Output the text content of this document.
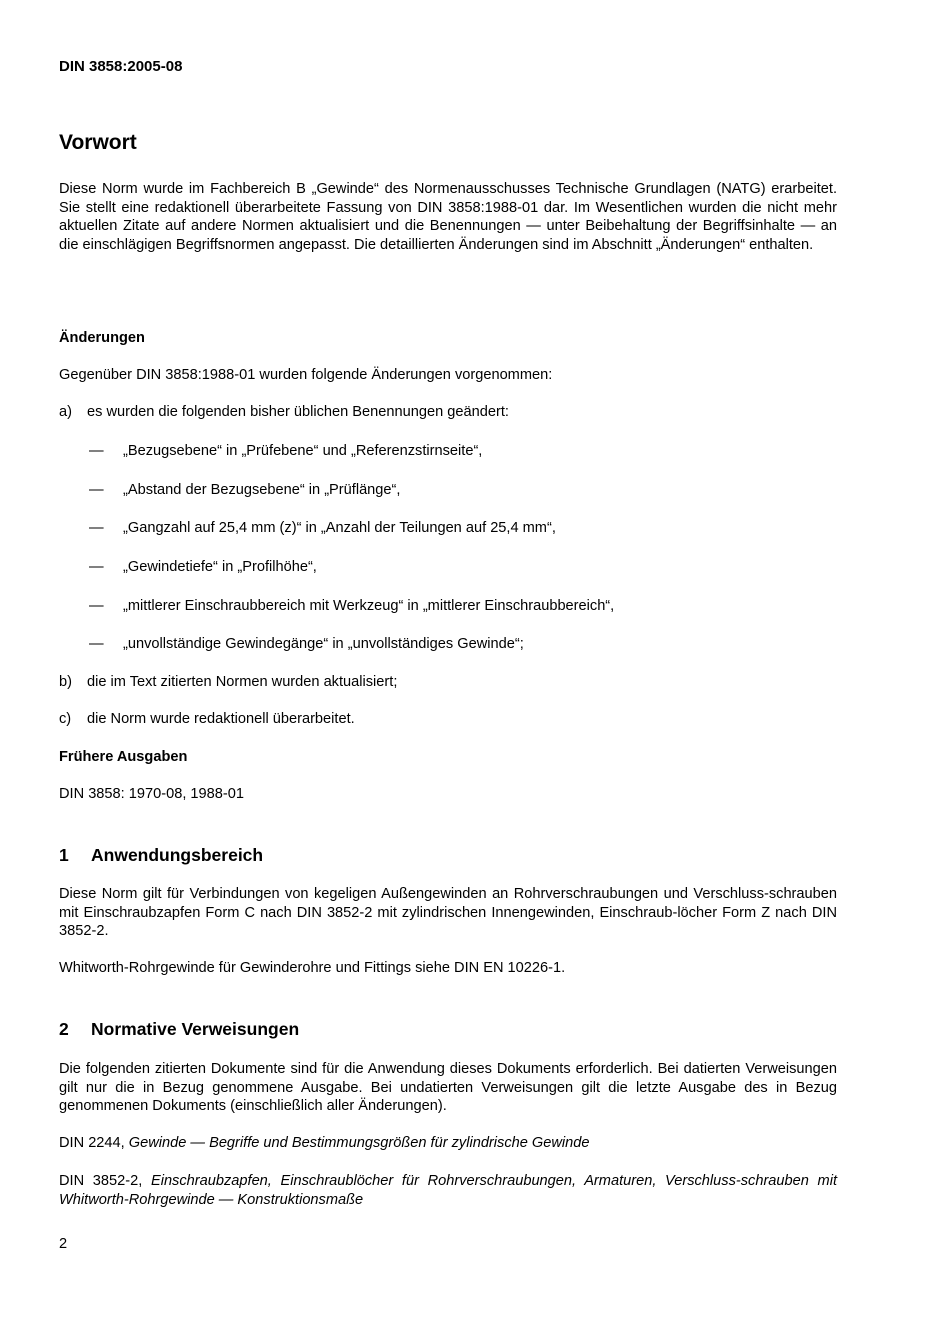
DIN 3858:2005-08
Vorwort

Diese Norm wurde im Fachbereich B „Gewinde“ des Normenausschusses Technische Grundlagen (NATG) erarbeitet. Sie stellt eine redaktionell überarbeitete Fassung von DIN 3858:1988-01 dar. Im Wesentlichen wurden die nicht mehr aktuellen Zitate auf andere Normen aktualisiert und die Benennungen — unter Beibehaltung der Begriffsinhalte — an die einschlägigen Begriffsnormen angepasst. Die detaillierten Änderungen sind im Abschnitt „Änderungen“ enthalten.

Änderungen
Gegenüber DIN 3858:1988-01 wurden folgende Änderungen vorgenommen:
a) es wurden die folgenden bisher üblichen Benennungen geändert:
— „Bezugsebene“ in „Prüfebene“ und „Referenzstirnseite“,
— „Abstand der Bezugsebene“ in „Prüflänge“,
— „Gangzahl auf 25,4 mm (z)“ in „Anzahl der Teilungen auf 25,4 mm“,
— „Gewindetiefe“ in „Profilhöhe“,
— „mittlerer Einschraubbereich mit Werkzeug“ in „mittlerer Einschraubbereich“,
— „unvollständige Gewindegänge“ in „unvollständiges Gewinde“;
b) die im Text zitierten Normen wurden aktualisiert;
c) die Norm wurde redaktionell überarbeitet.
Frühere Ausgaben
DIN 3858: 1970-08, 1988-01
1 Anwendungsbereich

Diese Norm gilt für Verbindungen von kegeligen Außengewinden an Rohrverschraubungen und Verschluss-schrauben mit Einschraubzapfen Form C nach DIN 3852-2 mit zylindrischen Innengewinden, Einschraub-löcher Form Z nach DIN 3852-2.

Whitworth-Rohrgewinde für Gewinderohre und Fittings siehe DIN EN 10226-1.
2 Normative Verweisungen

Die folgenden zitierten Dokumente sind für die Anwendung dieses Dokuments erforderlich. Bei datierten Verweisungen gilt nur die in Bezug genommene Ausgabe. Bei undatierten Verweisungen gilt die letzte Ausgabe des in Bezug genommenen Dokuments (einschließlich aller Änderungen).

DIN 2244, Gewinde — Begriffe und Bestimmungsgrößen für zylindrische Gewinde

DIN 3852-2, Einschraubzapfen, Einschraublöcher für Rohrverschraubungen, Armaturen, Verschluss-schrauben mit Whitworth-Rohrgewinde — Konstruktionsmaße

2
